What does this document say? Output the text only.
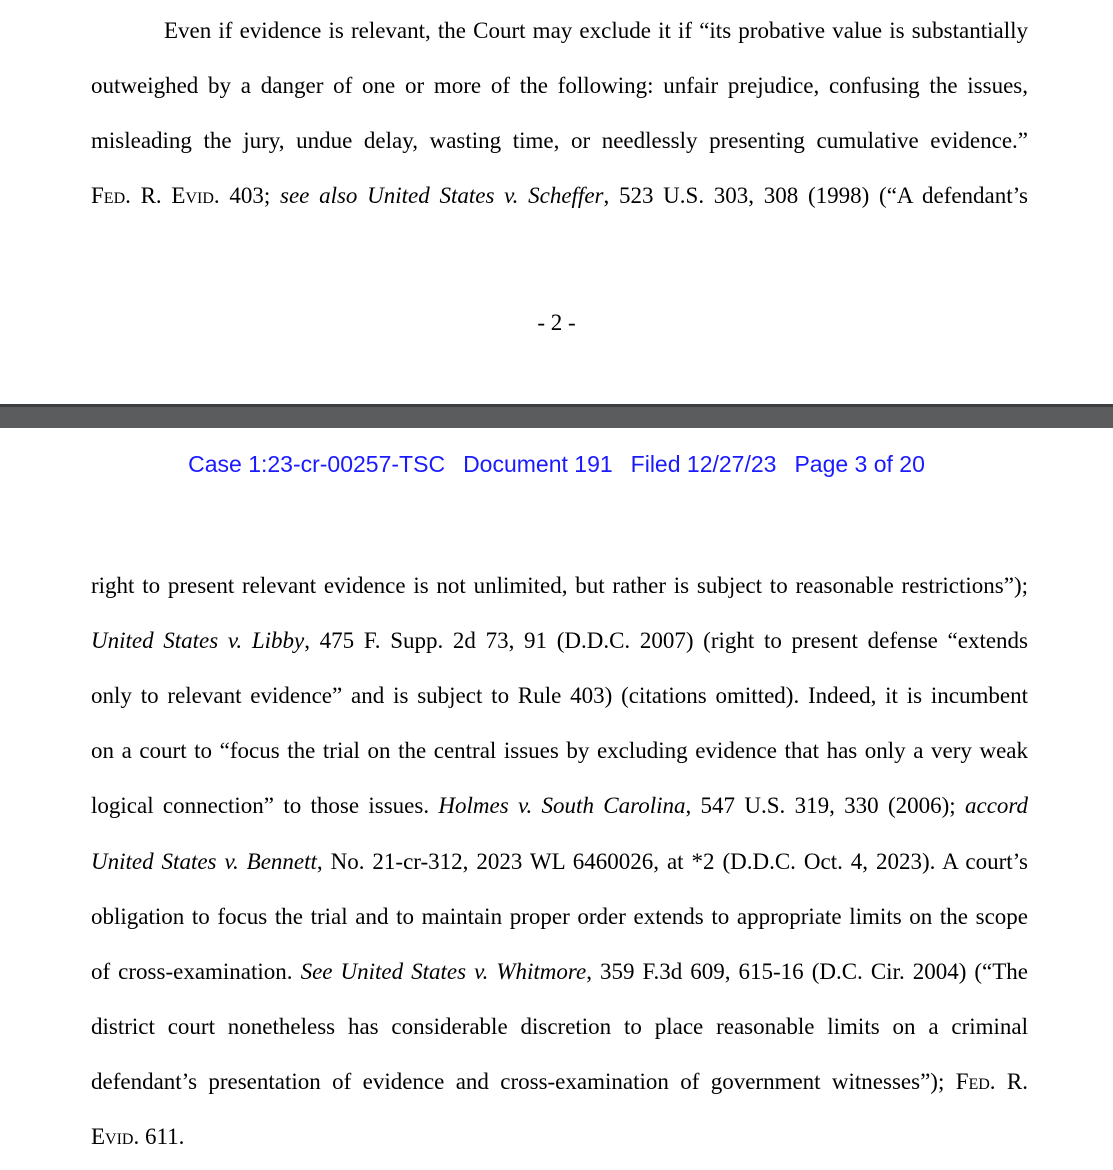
Even if evidence is relevant, the Court may exclude it if “its probative value is substantially
outweighed by a danger of one or more of the following: unfair prejudice, confusing the issues,
misleading the jury, undue delay, wasting time, or needlessly presenting cumulative evidence.”
Fed. R. Evid. 403; see also United States v. Scheffer, 523 U.S. 303, 308 (1998) (“A defendant’s
- 2 -
Case 1:23-cr-00257-TSC Document 191 Filed 12/27/23 Page 3 of 20
right to present relevant evidence is not unlimited, but rather is subject to reasonable restrictions”);
United States v. Libby, 475 F. Supp. 2d 73, 91 (D.D.C. 2007) (right to present defense “extends
only to relevant evidence” and is subject to Rule 403) (citations omitted). Indeed, it is incumbent
on a court to “focus the trial on the central issues by excluding evidence that has only a very weak
logical connection” to those issues. Holmes v. South Carolina, 547 U.S. 319, 330 (2006); accord
United States v. Bennett, No. 21-cr-312, 2023 WL 6460026, at *2 (D.D.C. Oct. 4, 2023). A court’s
obligation to focus the trial and to maintain proper order extends to appropriate limits on the scope
of cross-examination. See United States v. Whitmore, 359 F.3d 609, 615-16 (D.C. Cir. 2004) (“The
district court nonetheless has considerable discretion to place reasonable limits on a criminal
defendant’s presentation of evidence and cross-examination of government witnesses”); Fed. R.
Evid. 611.
